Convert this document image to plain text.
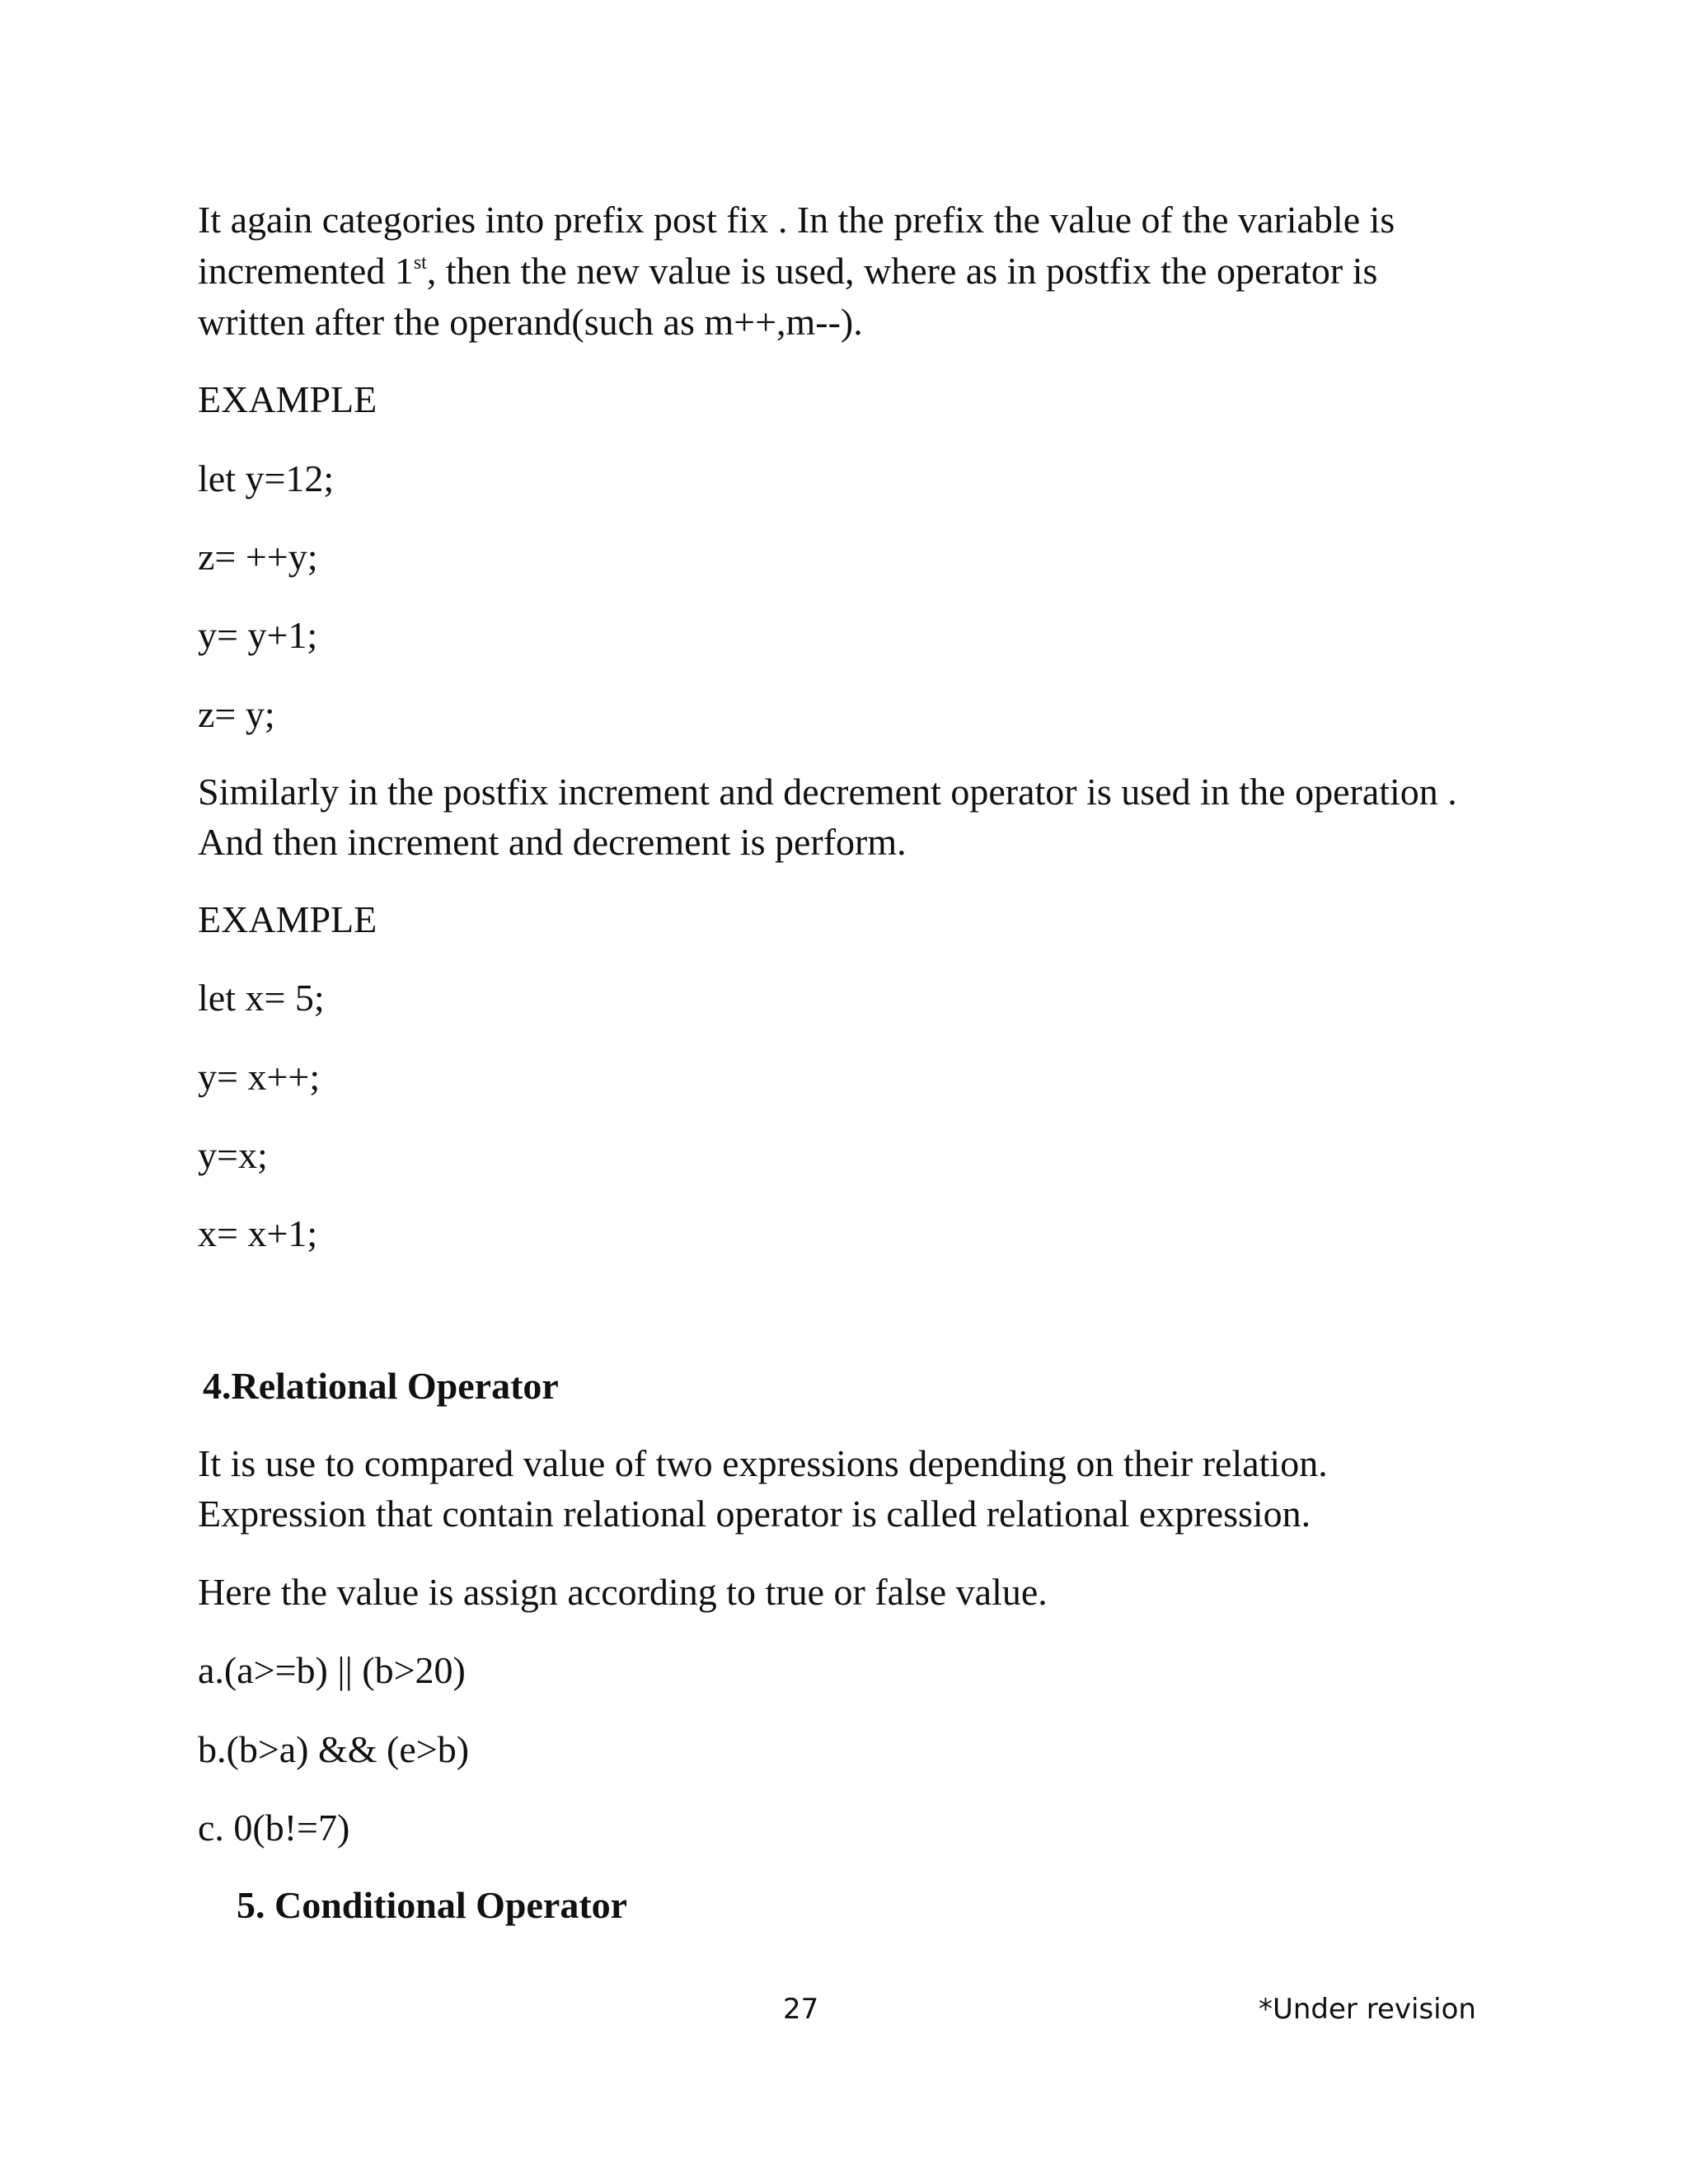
It again categories into prefix post fix . In the prefix the value of the variable is

incremented 1st, then the new value is used, where as in postfix the operator is

written after the operand(such as m++,m--).

EXAMPLE

let y=12;

z= ++y;

y= y+1;

z= y;

Similarly in the postfix increment and decrement operator is used in the operation .

And then increment and decrement is perform.

EXAMPLE

let x= 5;

y= x++;

y=x;

x= x+1;

4.Relational Operator

It is use to compared value of two expressions depending on their relation.

Expression that contain relational operator is called relational expression.

Here the value is assign according to true or false value.

a.(a>=b) || (b>20)

b.(b>a) && (e>b)

c. 0(b!=7)

5. Conditional Operator

27	*Under revision
